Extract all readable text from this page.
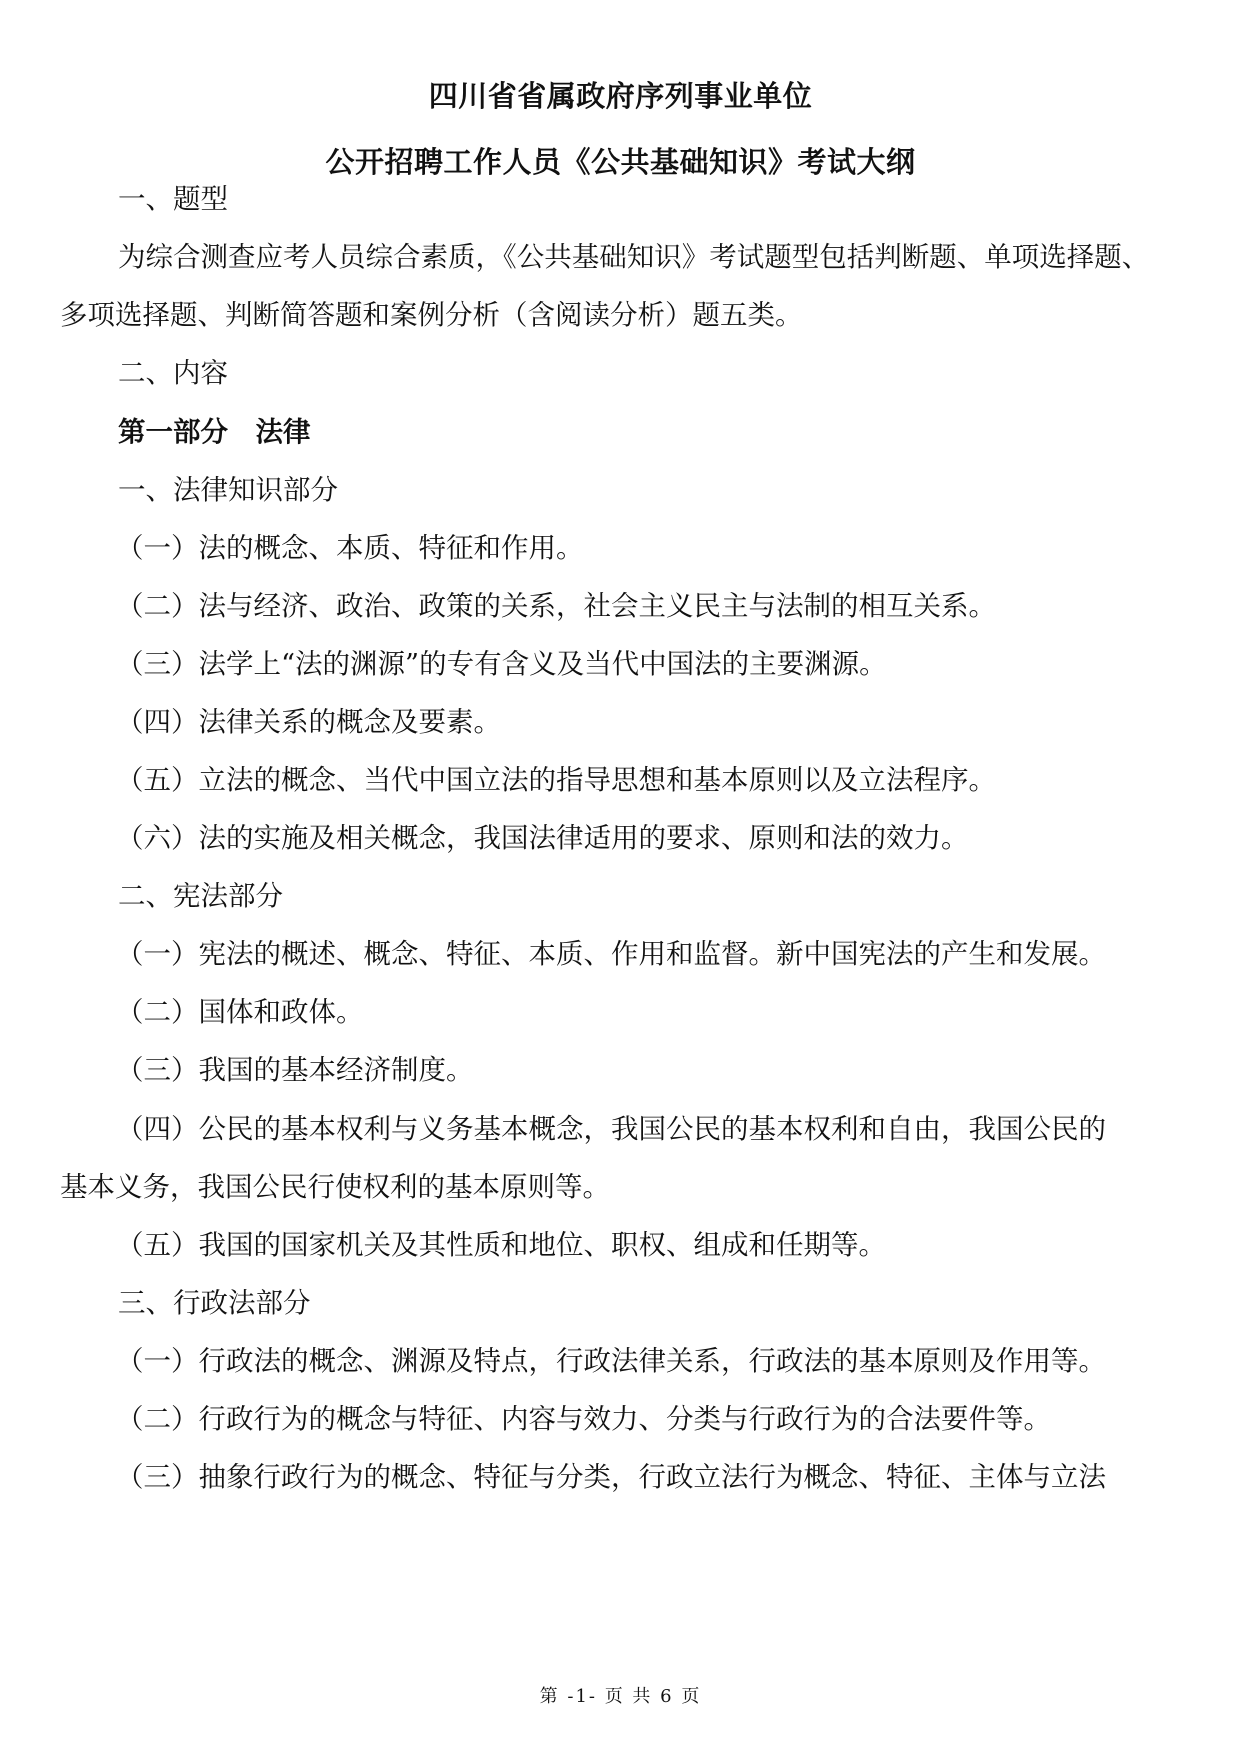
四川省省属政府序列事业单位
公开招聘工作人员《公共基础知识》考试大纲

一、题型

为综合测查应考人员综合素质，《公共基础知识》考试题型包括判断题、单项选择题、

多项选择题、判断简答题和案例分析（含阅读分析）题五类。

二、内容

第一部分　法律

一、法律知识部分

（一）法的概念、本质、特征和作用。

（二）法与经济、政治、政策的关系，社会主义民主与法制的相互关系。

（三）法学上“法的渊源”的专有含义及当代中国法的主要渊源。

（四）法律关系的概念及要素。

（五）立法的概念、当代中国立法的指导思想和基本原则以及立法程序。

（六）法的实施及相关概念，我国法律适用的要求、原则和法的效力。

二、宪法部分

（一）宪法的概述、概念、特征、本质、作用和监督。新中国宪法的产生和发展。

（二）国体和政体。

（三）我国的基本经济制度。

（四）公民的基本权利与义务基本概念，我国公民的基本权利和自由，我国公民的

基本义务，我国公民行使权利的基本原则等。

（五）我国的国家机关及其性质和地位、职权、组成和任期等。

三、行政法部分

（一）行政法的概念、渊源及特点，行政法律关系，行政法的基本原则及作用等。

（二）行政行为的概念与特征、内容与效力、分类与行政行为的合法要件等。

（三）抽象行政行为的概念、特征与分类，行政立法行为概念、特征、主体与立法

第 -1- 页 共 6 页
